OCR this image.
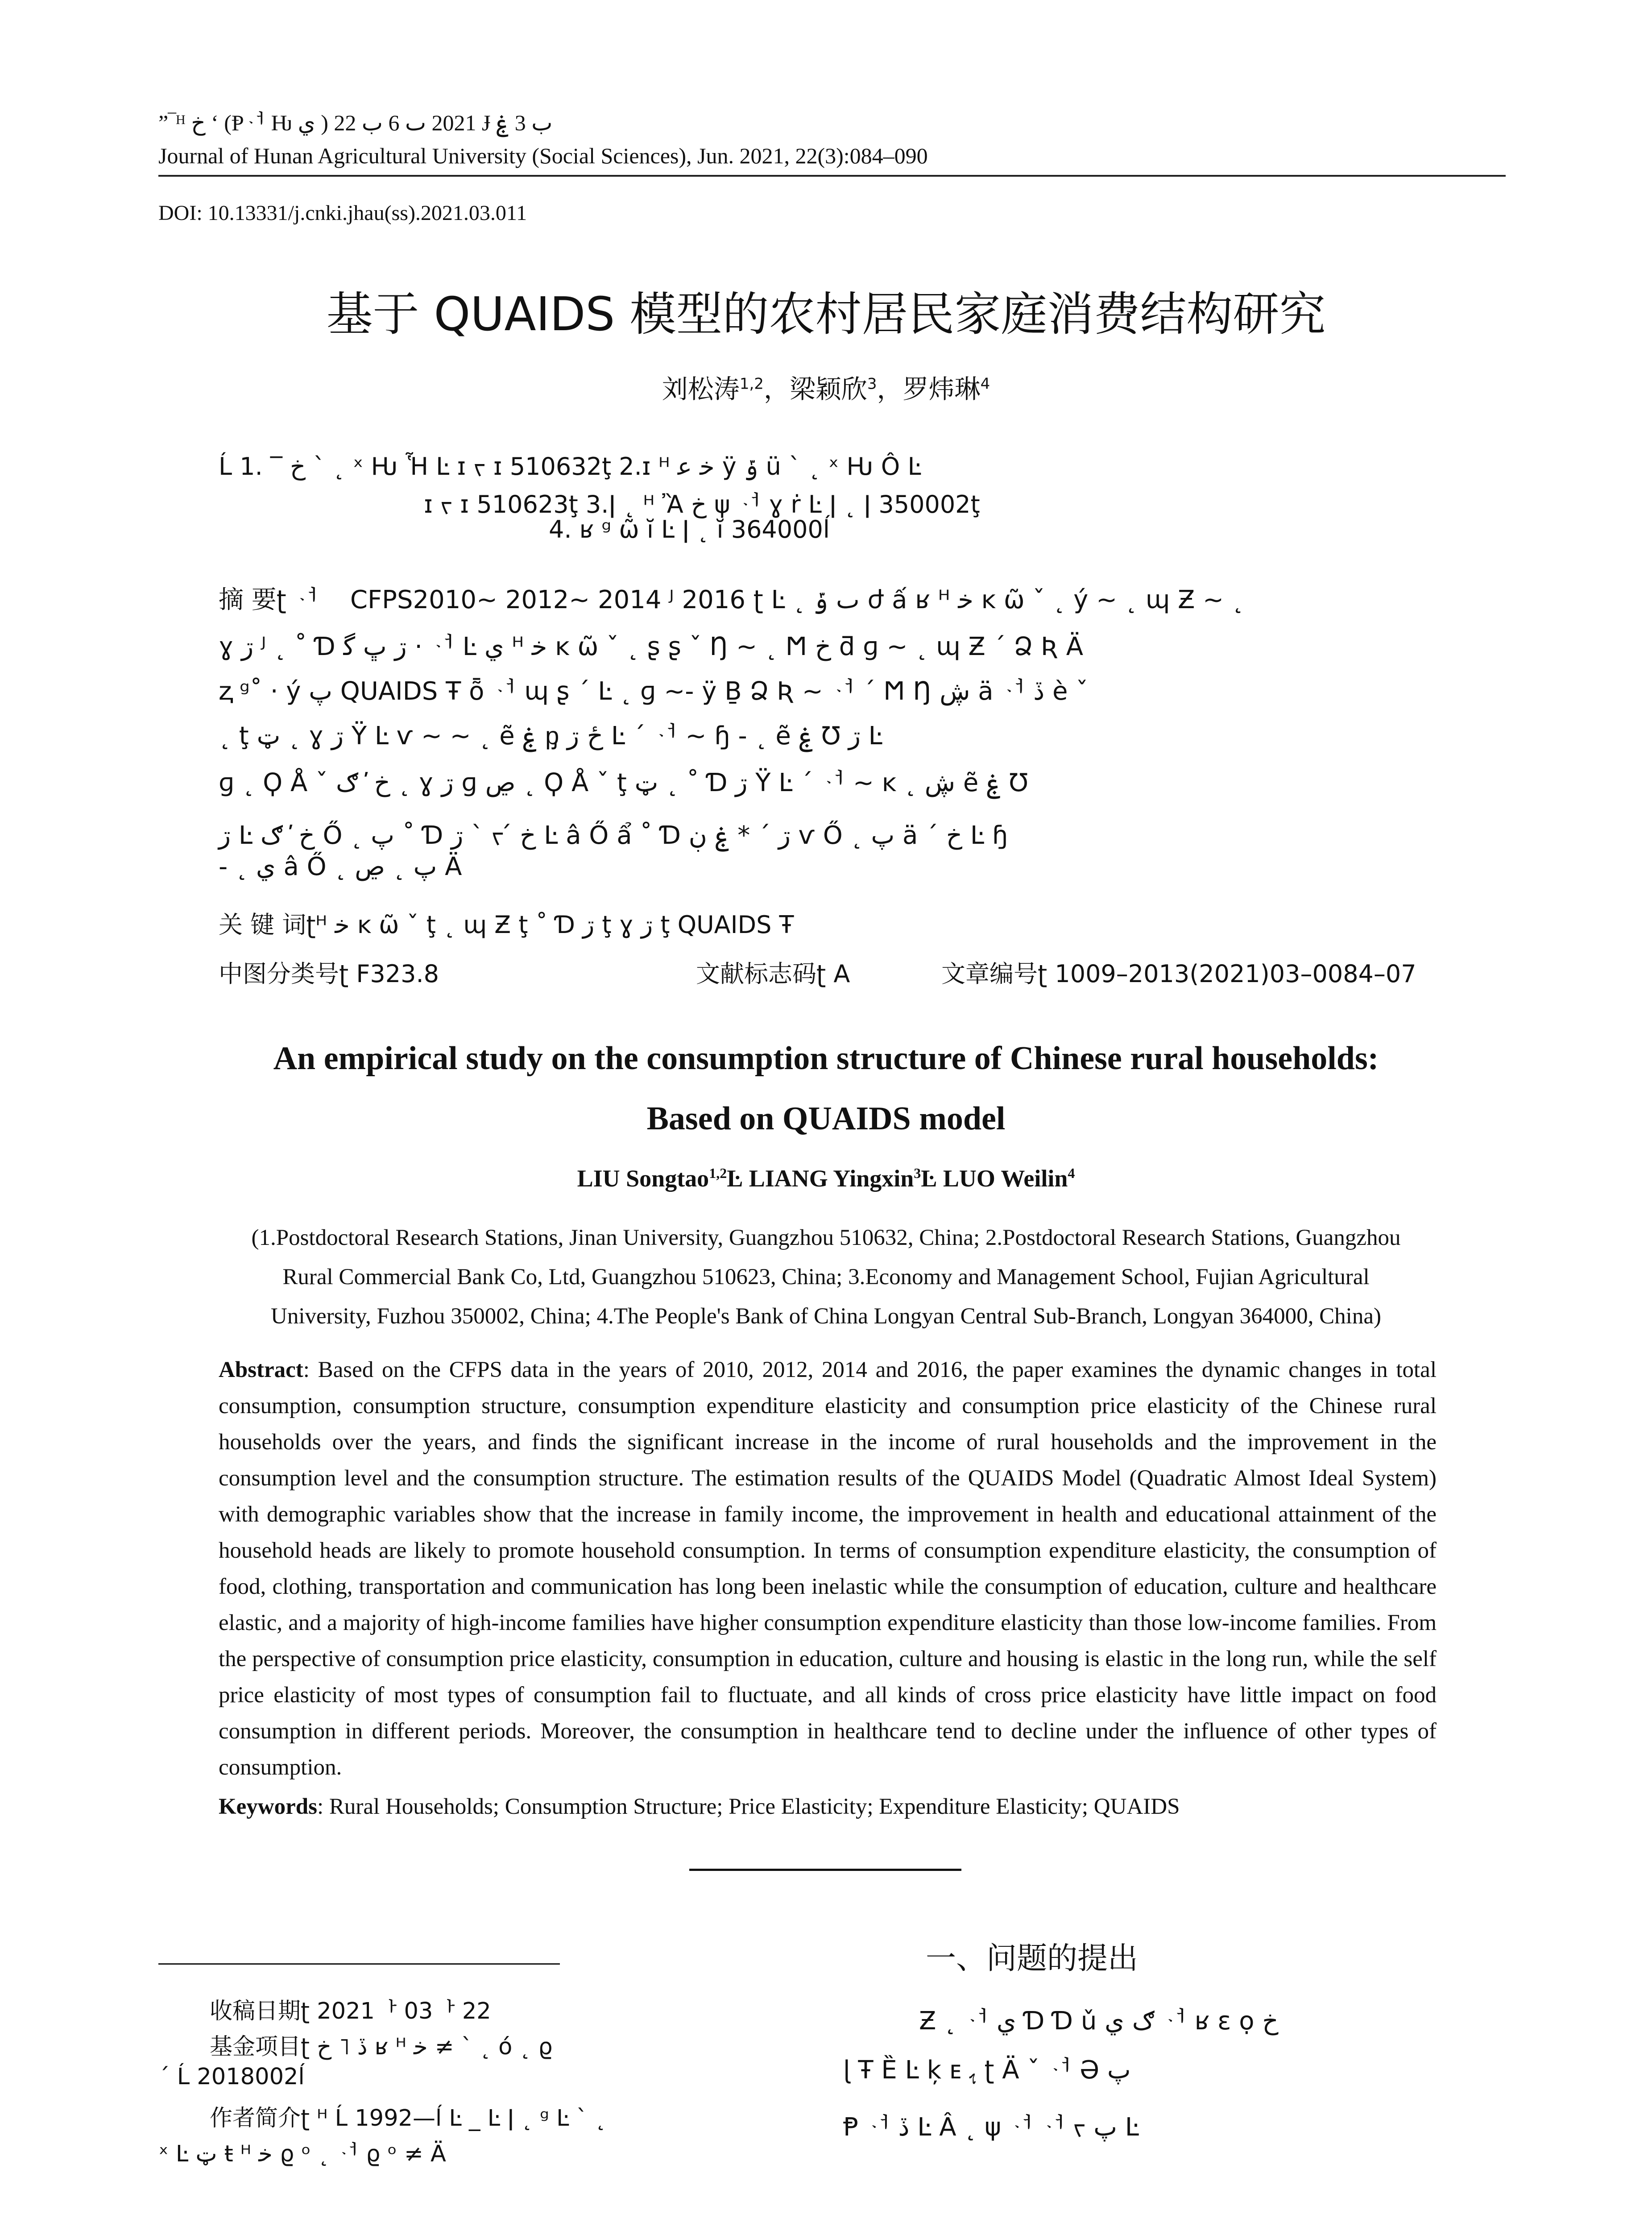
”‾ᴴ خ ʻ (Ᵽᆟ Ƕ ي ) 2021 ٮ 6 ب 22 Ɉ ب 3 ۼ
Journal of Hunan Agricultural University (Social Sciences), Jun. 2021, 22(3):084–090
DOI: 10.13331/j.cnki.jhau(ss).2021.03.011
基于 QUAIDS 模型的农村居民家庭消费结构研究
刘松涛$^{1,2}$，梁颖欣$^3$，罗炜琳$^4$
Ĺ 1. ‾ خ ˋ ˛ ˣ Ƕ Ἧ Ŀ ɪ ᡪ ɪ 510632ţ 2.ɪ ᴴ ﺧ ﻋ ÿ ݹ ü ˋ ˛ ˣ Ƕ Ô Ŀ
ɪ ᡪ ɪ 510623ţ 3.ǀ ˛ ᴴ Ἂ خ ψ ᆟ ɣ ṙ Ŀ ǀ ˛ ǀ 350002ţ
4. ʁ ᵍ ῶ ĭ Ŀ ǀ ˛ ĭ 364000ĺ
摘 要ʈ ᆟ CFPS2010~ 2012~ 2014 ᴶ 2016 ʈ Ŀ ˛ ٮ ݹ ժ ấ ʁ ᴴ ﺧ ĸ ῶ ˇ ˛ ý ~ ˛ ɰ Ƶ ~ ˛
ɣ ڗ ᴶ ˛ ˚ Ɗ ڗ ڀ ﮔ · ᆟ Ŀ ي ᴴ ﺧ ĸ ῶ ˇ ˛ ʂ ʂ ˇ Ŋ ~ ˛ Ϻ خ ƌ ɡ ~ ˛ ɰ Ƶ ˊ Ձ Ʀ Ä
ⱬ ᵍ˚ · ý پ QUAIDS Ŧ ȭ ᆟ ɰ ʂ ˊ Ŀ ˛ ɡ ~- ÿ Ḇ Ձ Ʀ ~ ᆟ ˊ Ϻ Ŋ ڜ ä ᆟ ڏ è ˇ
˛ ţ ټ ˛ ɣ ڗ Ÿ Ŀ ѵ ~ ~ ˛ ẽ ۼ ᶈ ځ ڗ Ŀ ˊ ᆟ ~ ɧ - ˛ ẽ ۼ Ʊ ڗ Ŀ
ɡ ˛ Ϙ Å ˇ خ ̕ ګ ˛ ɣ ڗ ɡ ڝ ˛ Ϙ Å ˇ ţ ټ ˛ ˚ Ɗ ڗ Ÿ Ŀ ˊ ᆟ ~ ĸ ˛ ڜ ẽ ۼ Ʊ
ڗ Ŀ خ ̕ ګ Ő ˛ پ ˚ Ɗ ڗ ˋ ᡪ ́ خ Ŀ â Ő ẩ ˚ Ɗ ڗ ˊ * ۼ ڹ ѵ Ő ˛ پ ä ˊ خ Ŀ ɧ
- ˛ ي â Ő ˛ پ ˛ ڝ Ä
关 键 词ʈᴴ ﺧ ĸ ῶ ˇ ţ ˛ ɰ Ƶ ţ ˚ Ɗ ڗ ţ ɣ ڗ ţ QUAIDS Ŧ
中图分类号ʈ F323.8	文献标志码ʈ A	文章编号ʈ 1009–2013(2021)03–0084–07
An empirical study on the consumption structure of Chinese rural households:
Based on QUAIDS model
LIU Songtao$^{1,2}$Ŀ LIANG Yingxin$^3$Ŀ LUO Weilin$^4$
(1.Postdoctoral Research Stations, Jinan University, Guangzhou 510632, China; 2.Postdoctoral Research Stations, Guangzhou
Rural Commercial Bank Co, Ltd, Guangzhou 510623, China; 3.Economy and Management School, Fujian Agricultural
University, Fuzhou 350002, China; 4.The People's Bank of China Longyan Central Sub-Branch, Longyan 364000, China)
Abstract: Based on the CFPS data in the years of 2010, 2012, 2014 and 2016, the paper examines the dynamic changes in total consumption, consumption structure, consumption expenditure elasticity and consumption price elasticity of the Chinese rural households over the years, and finds the significant increase in the income of rural households and the improvement in the consumption level and the consumption structure. The estimation results of the QUAIDS Model (Quadratic Almost Ideal System) with demographic variables show that the increase in family income, the improvement in health and educational attainment of the household heads are likely to promote household consumption. In terms of consumption expenditure elasticity, the consumption of food, clothing, transportation and communication has long been inelastic while the consumption of education, culture and healthcare elastic, and a majority of high-income families have higher consumption expenditure elasticity than those low-income families. From the perspective of consumption price elasticity, consumption in education, culture and housing is elastic in the long run, while the self price elasticity of most types of consumption fail to fluctuate, and all kinds of cross price elasticity have little impact on food consumption in different periods. Moreover, the consumption in healthcare tend to decline under the influence of other types of consumption.
Keywords: Rural Households; Consumption Structure; Price Elasticity; Expenditure Elasticity; QUAIDS
收稿日期ʈ 2021ᅡ 03ᅡ 22
基金项目ʈ ڏ ˥ خ ʁ ᴴ ﺧ ≠ ˋ ˛ ó ˛ ϱ
ˊ Ĺ 2018002ĺ
作者简介ʈ ᴴ Ĺ 1992—ĺ Ŀ _ Ŀ ǀ ˛ ᵍ Ŀ ˋ ˛
ˣ Ŀ ټ ŧ ᴴ ﺧ ϱ ᵒ ˛ ᆟ ϱ ᵒ ≠ Ä
一、问题的提出
Ƶ ˛ ᆟ ي Ɗ Ɗ ǔ ګ ي ᆟ ʁ ɛ ọ خ
ɭ Ŧ Ȅ Ŀ ķ ᴇ ﮨ ʈ Ä ˇ ᆟ Ə پ
Ᵽ ᆟ ڏ Ŀ Â ˛ ψ ᆟ ᆟ ᡪ پ Ŀ
